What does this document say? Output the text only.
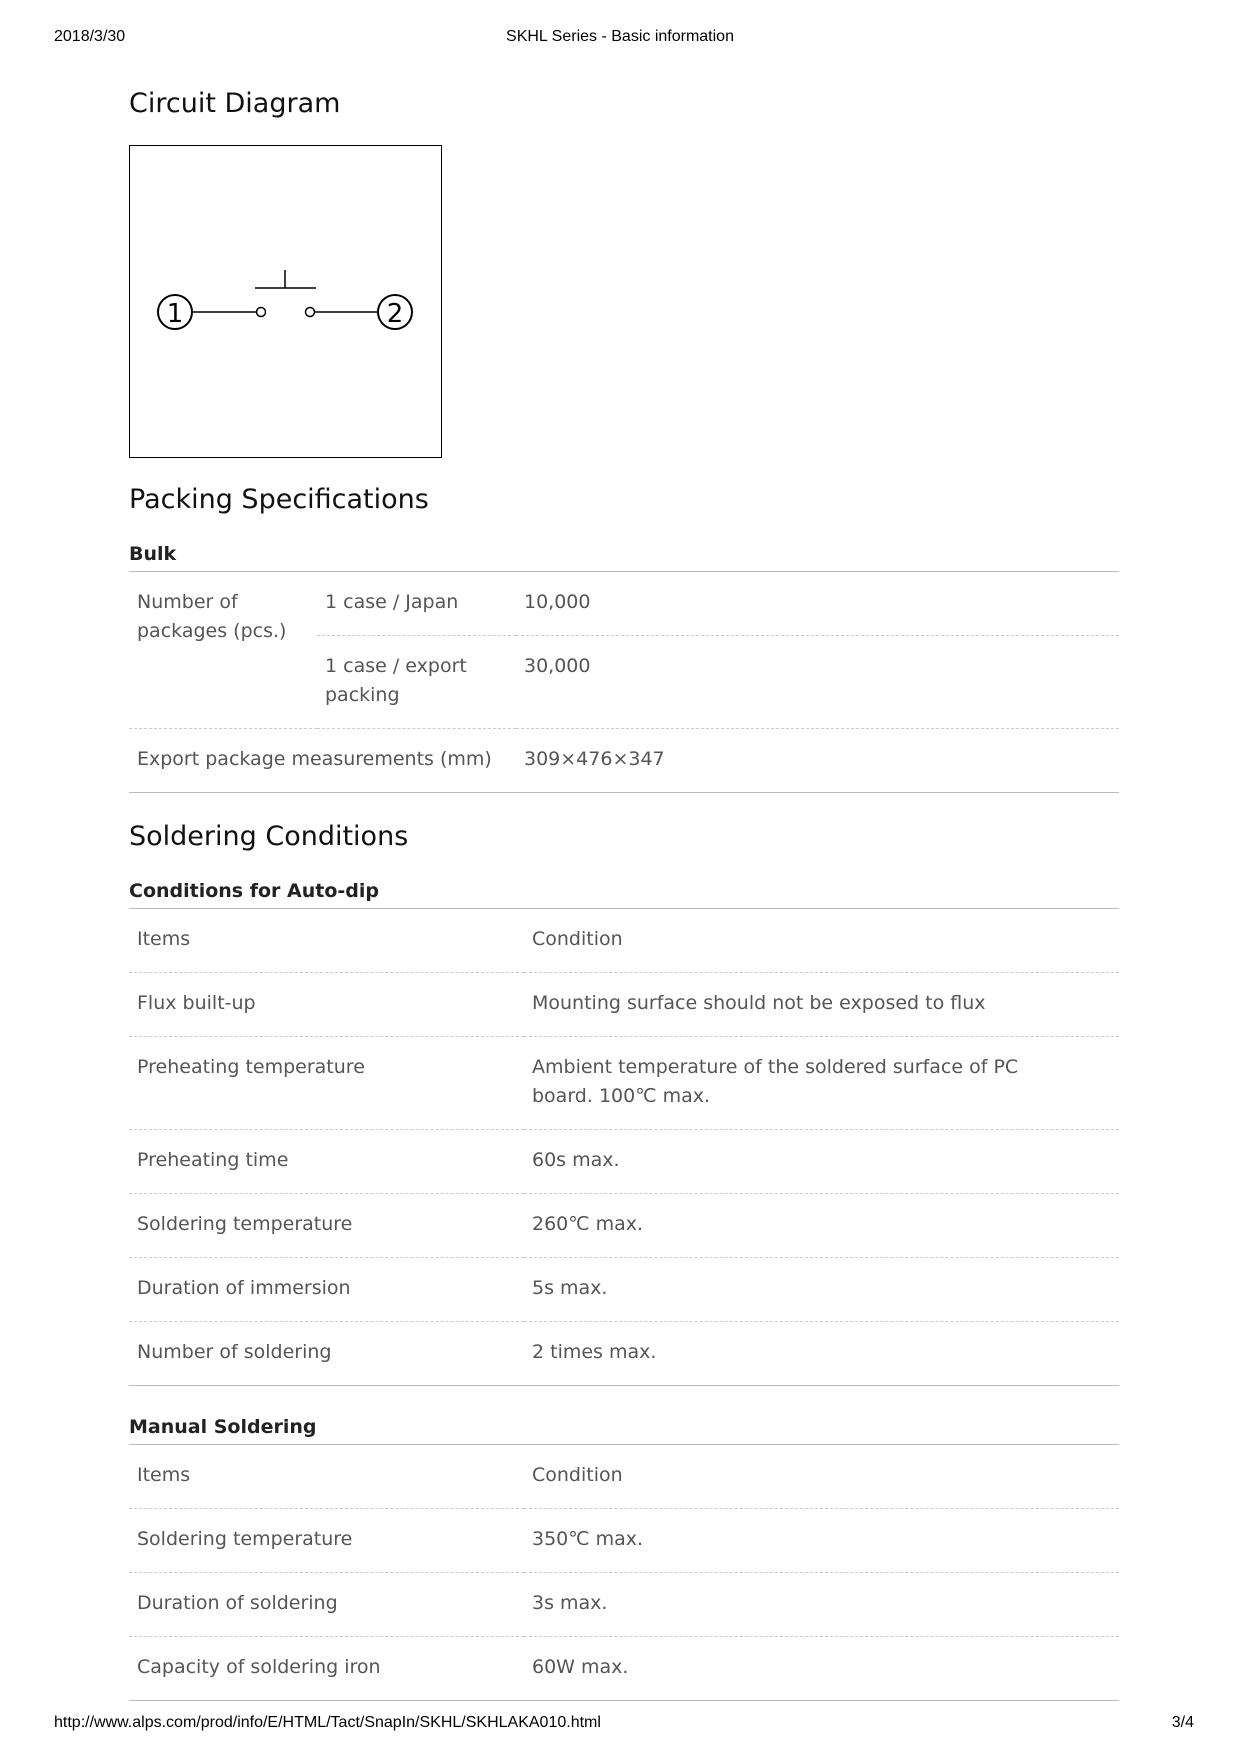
2018/3/30	SKHL Series - Basic information
Circuit Diagram
1	2
Packing Specifications
Bulk
Number of packages (pcs.)	1 case / Japan	10,000
	1 case / export packing	30,000
Export package measurements (mm)		309×476×347
Soldering Conditions
Conditions for Auto-dip
Items	Condition
Flux built-up	Mounting surface should not be exposed to flux
Preheating temperature	Ambient temperature of the soldered surface of PC board. 100℃ max.
Preheating time	60s max.
Soldering temperature	260℃ max.
Duration of immersion	5s max.
Number of soldering	2 times max.
Manual Soldering
Items	Condition
Soldering temperature	350℃ max.
Duration of soldering	3s max.
Capacity of soldering iron	60W max.
http://www.alps.com/prod/info/E/HTML/Tact/SnapIn/SKHL/SKHLAKA010.html	3/4
